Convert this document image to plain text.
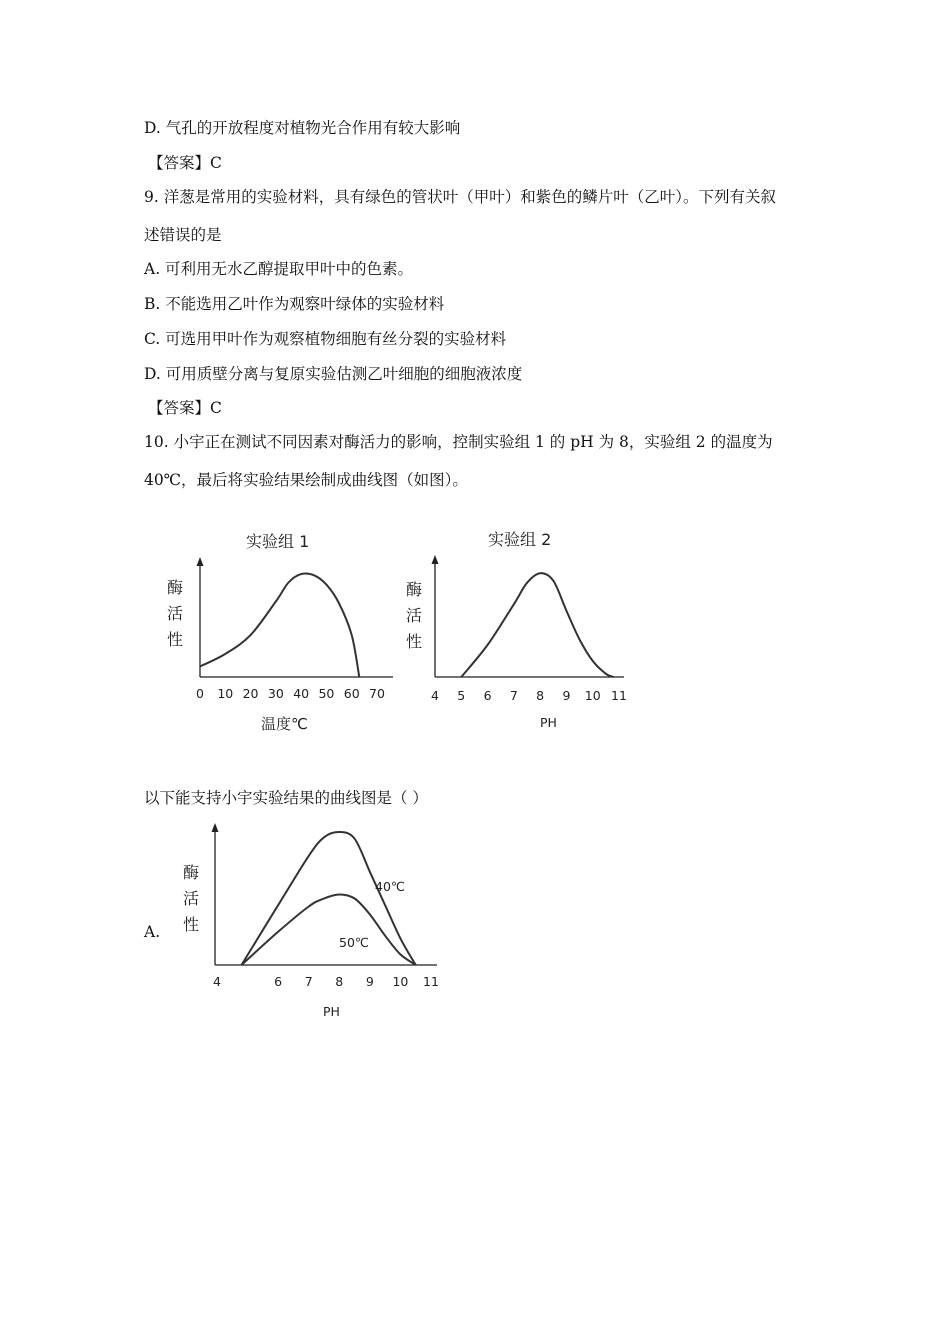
D. 气孔的开放程度对植物光合作用有较大影响
【答案】C
9. 洋葱是常用的实验材料，具有绿色的管状叶（甲叶）和紫色的鳞片叶（乙叶）。下列有关叙
述错误的是
A. 可利用无水乙醇提取甲叶中的色素。
B. 不能选用乙叶作为观察叶绿体的实验材料
C. 可选用甲叶作为观察植物细胞有丝分裂的实验材料
D. 可用质壁分离与复原实验估测乙叶细胞的细胞液浓度
【答案】C
10. 小宇正在测试不同因素对酶活力的影响，控制实验组 1 的 pH 为 8，实验组 2 的温度为
40℃，最后将实验结果绘制成曲线图（如图）。
以下能支持小宇实验结果的曲线图是（ ）
A.
实验组 1
酶
活
性
0 10 20 30 40 50 60 70
温度℃
实验组 2
酶
活
性
4 5 6 7 8 9 10 11
PH
酶
活
性
40℃
50℃
4	6 7 8 9 10 11
PH
